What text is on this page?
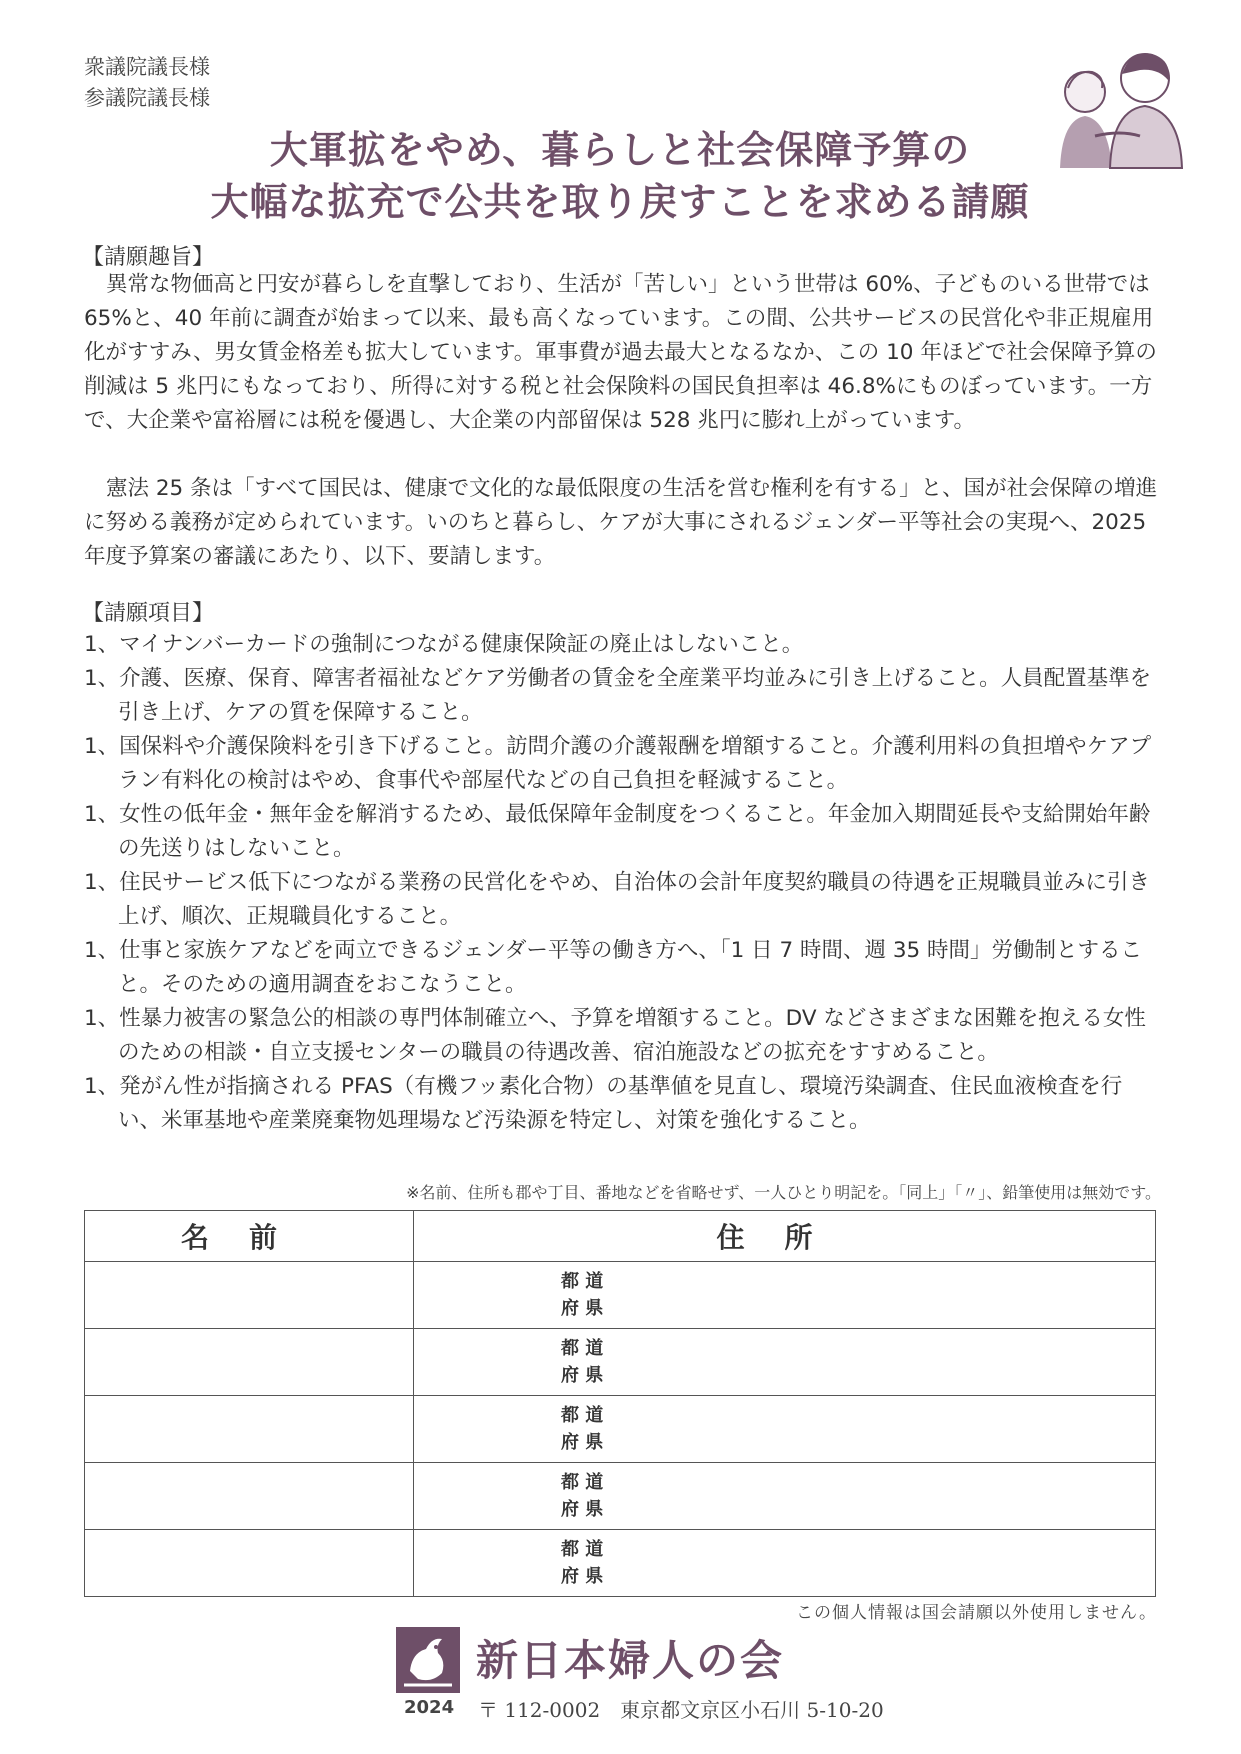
衆議院議長様
参議院議長様
大軍拡をやめ、暮らしと社会保障予算の
大幅な拡充で公共を取り戻すことを求める請願
【請願趣旨】

異常な物価高と円安が暮らしを直撃しており、生活が「苦しい」という世帯は 60%、子どものいる世帯では 65%と、40 年前に調査が始まって以来、最も高くなっています。この間、公共サービスの民営化や非正規雇用化がすすみ、男女賃金格差も拡大しています。軍事費が過去最大となるなか、この 10 年ほどで社会保障予算の削減は 5 兆円にもなっており、所得に対する税と社会保険料の国民負担率は 46.8%にものぼっています。一方で、大企業や富裕層には税を優遇し、大企業の内部留保は 528 兆円に膨れ上がっています。

憲法 25 条は「すべて国民は、健康で文化的な最低限度の生活を営む権利を有する」と、国が社会保障の増進に努める義務が定められています。いのちと暮らし、ケアが大事にされるジェンダー平等社会の実現へ、2025 年度予算案の審議にあたり、以下、要請します。

【請願項目】
1、マイナンバーカードの強制につながる健康保険証の廃止はしないこと。
1、介護、医療、保育、障害者福祉などケア労働者の賃金を全産業平均並みに引き上げること。人員配置基準を引き上げ、ケアの質を保障すること。
1、国保料や介護保険料を引き下げること。訪問介護の介護報酬を増額すること。介護利用料の負担増やケアプラン有料化の検討はやめ、食事代や部屋代などの自己負担を軽減すること。
1、女性の低年金・無年金を解消するため、最低保障年金制度をつくること。年金加入期間延長や支給開始年齢の先送りはしないこと。
1、住民サービス低下につながる業務の民営化をやめ、自治体の会計年度契約職員の待遇を正規職員並みに引き上げ、順次、正規職員化すること。
1、仕事と家族ケアなどを両立できるジェンダー平等の働き方へ、「1 日 7 時間、週 35 時間」労働制とすること。そのための適用調査をおこなうこと。
1、性暴力被害の緊急公的相談の専門体制確立へ、予算を増額すること。DV などさまざまな困難を抱える女性のための相談・自立支援センターの職員の待遇改善、宿泊施設などの拡充をすすめること。
1、発がん性が指摘される PFAS（有機フッ素化合物）の基準値を見直し、環境汚染調査、住民血液検査を行い、米軍基地や産業廃棄物処理場など汚染源を特定し、対策を強化すること。
※名前、住所も郡や丁目、番地などを省略せず、一人ひとり明記を。「同上」「〃」、鉛筆使用は無効です。
名前	住所

	都 道
府 県

	都 道
府 県

	都 道
府 県

	都 道
府 県

	都 道
府 県
この個人情報は国会請願以外使用しません。
新日本婦人の会
2024 〒 112-0002　東京都文京区小石川 5-10-20
